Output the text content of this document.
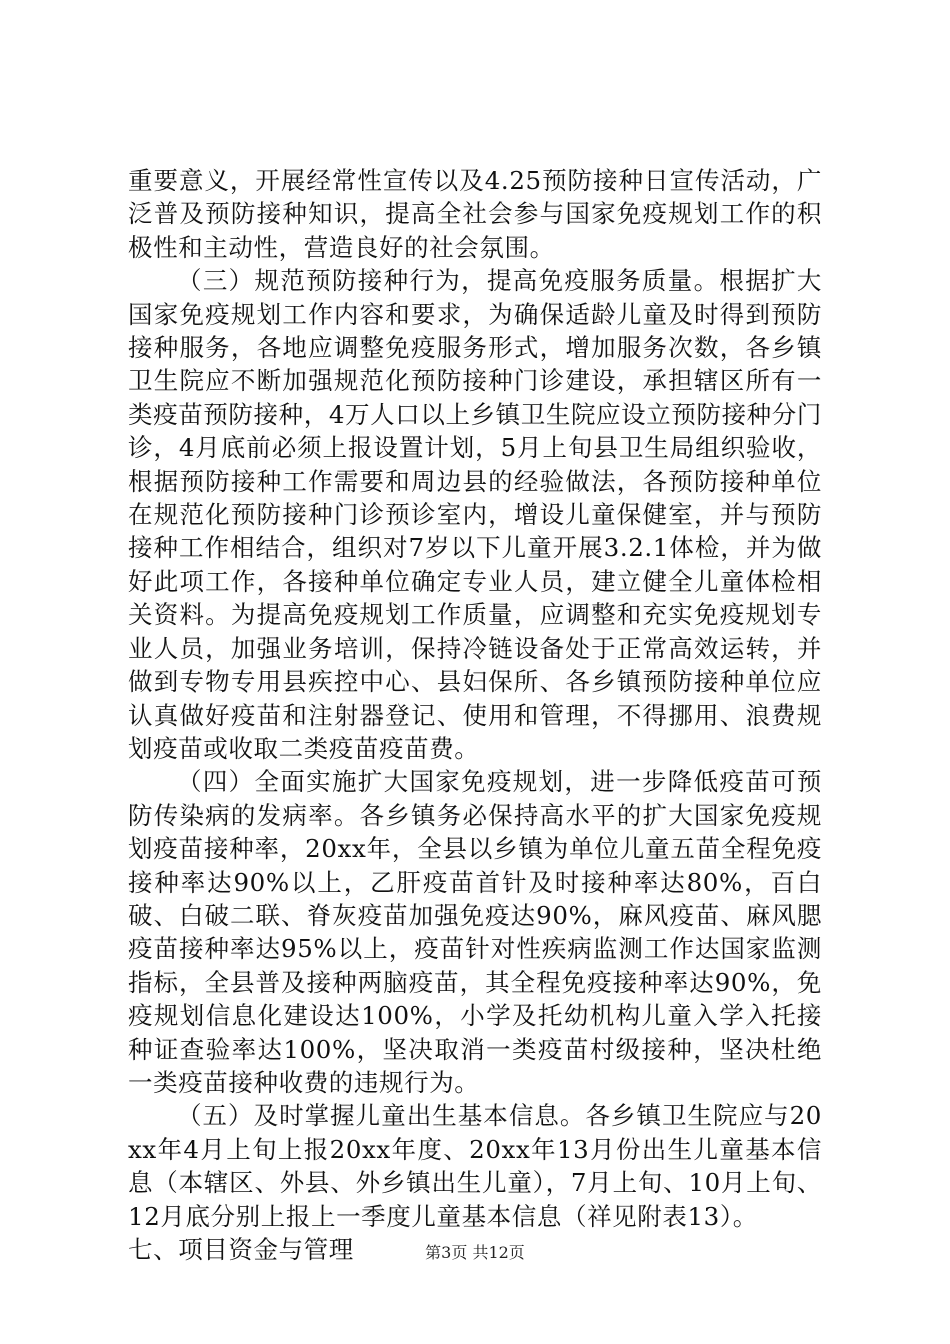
重要意义，开展经常性宣传以及4.25预防接种日宣传活动，广泛普及预防接种知识，提高全社会参与国家免疫规划工作的积极性和主动性，营造良好的社会氛围。

（三）规范预防接种行为，提高免疫服务质量。根据扩大国家免疫规划工作内容和要求，为确保适龄儿童及时得到预防接种服务，各地应调整免疫服务形式，增加服务次数，各乡镇卫生院应不断加强规范化预防接种门诊建设，承担辖区所有一类疫苗预防接种，4万人口以上乡镇卫生院应设立预防接种分门诊，4月底前必须上报设置计划，5月上旬县卫生局组织验收，根据预防接种工作需要和周边县的经验做法，各预防接种单位在规范化预防接种门诊预诊室内，增设儿童保健室，并与预防接种工作相结合，组织对7岁以下儿童开展3.2.1体检，并为做好此项工作，各接种单位确定专业人员，建立健全儿童体检相关资料。为提高免疫规划工作质量，应调整和充实免疫规划专业人员，加强业务培训，保持冷链设备处于正常高效运转，并做到专物专用县疾控中心、县妇保所、各乡镇预防接种单位应认真做好疫苗和注射器登记、使用和管理，不得挪用、浪费规划疫苗或收取二类疫苗疫苗费。

（四）全面实施扩大国家免疫规划，进一步降低疫苗可预防传染病的发病率。各乡镇务必保持高水平的扩大国家免疫规划疫苗接种率，20xx年，全县以乡镇为单位儿童五苗全程免疫接种率达90%以上，乙肝疫苗首针及时接种率达80%，百白破、白破二联、脊灰疫苗加强免疫达90%，麻风疫苗、麻风腮疫苗接种率达95%以上，疫苗针对性疾病监测工作达国家监测指标，全县普及接种两脑疫苗，其全程免疫接种率达90%，免疫规划信息化建设达100%，小学及托幼机构儿童入学入托接种证查验率达100%，坚决取消一类疫苗村级接种，坚决杜绝一类疫苗接种收费的违规行为。

（五）及时掌握儿童出生基本信息。各乡镇卫生院应与20xx年4月上旬上报20xx年度、20xx年13月份出生儿童基本信息（本辖区、外县、外乡镇出生儿童），7月上旬、10月上旬、12月底分别上报上一季度儿童基本信息（祥见附表13）。

七、项目资金与管理	第3页 共12页
